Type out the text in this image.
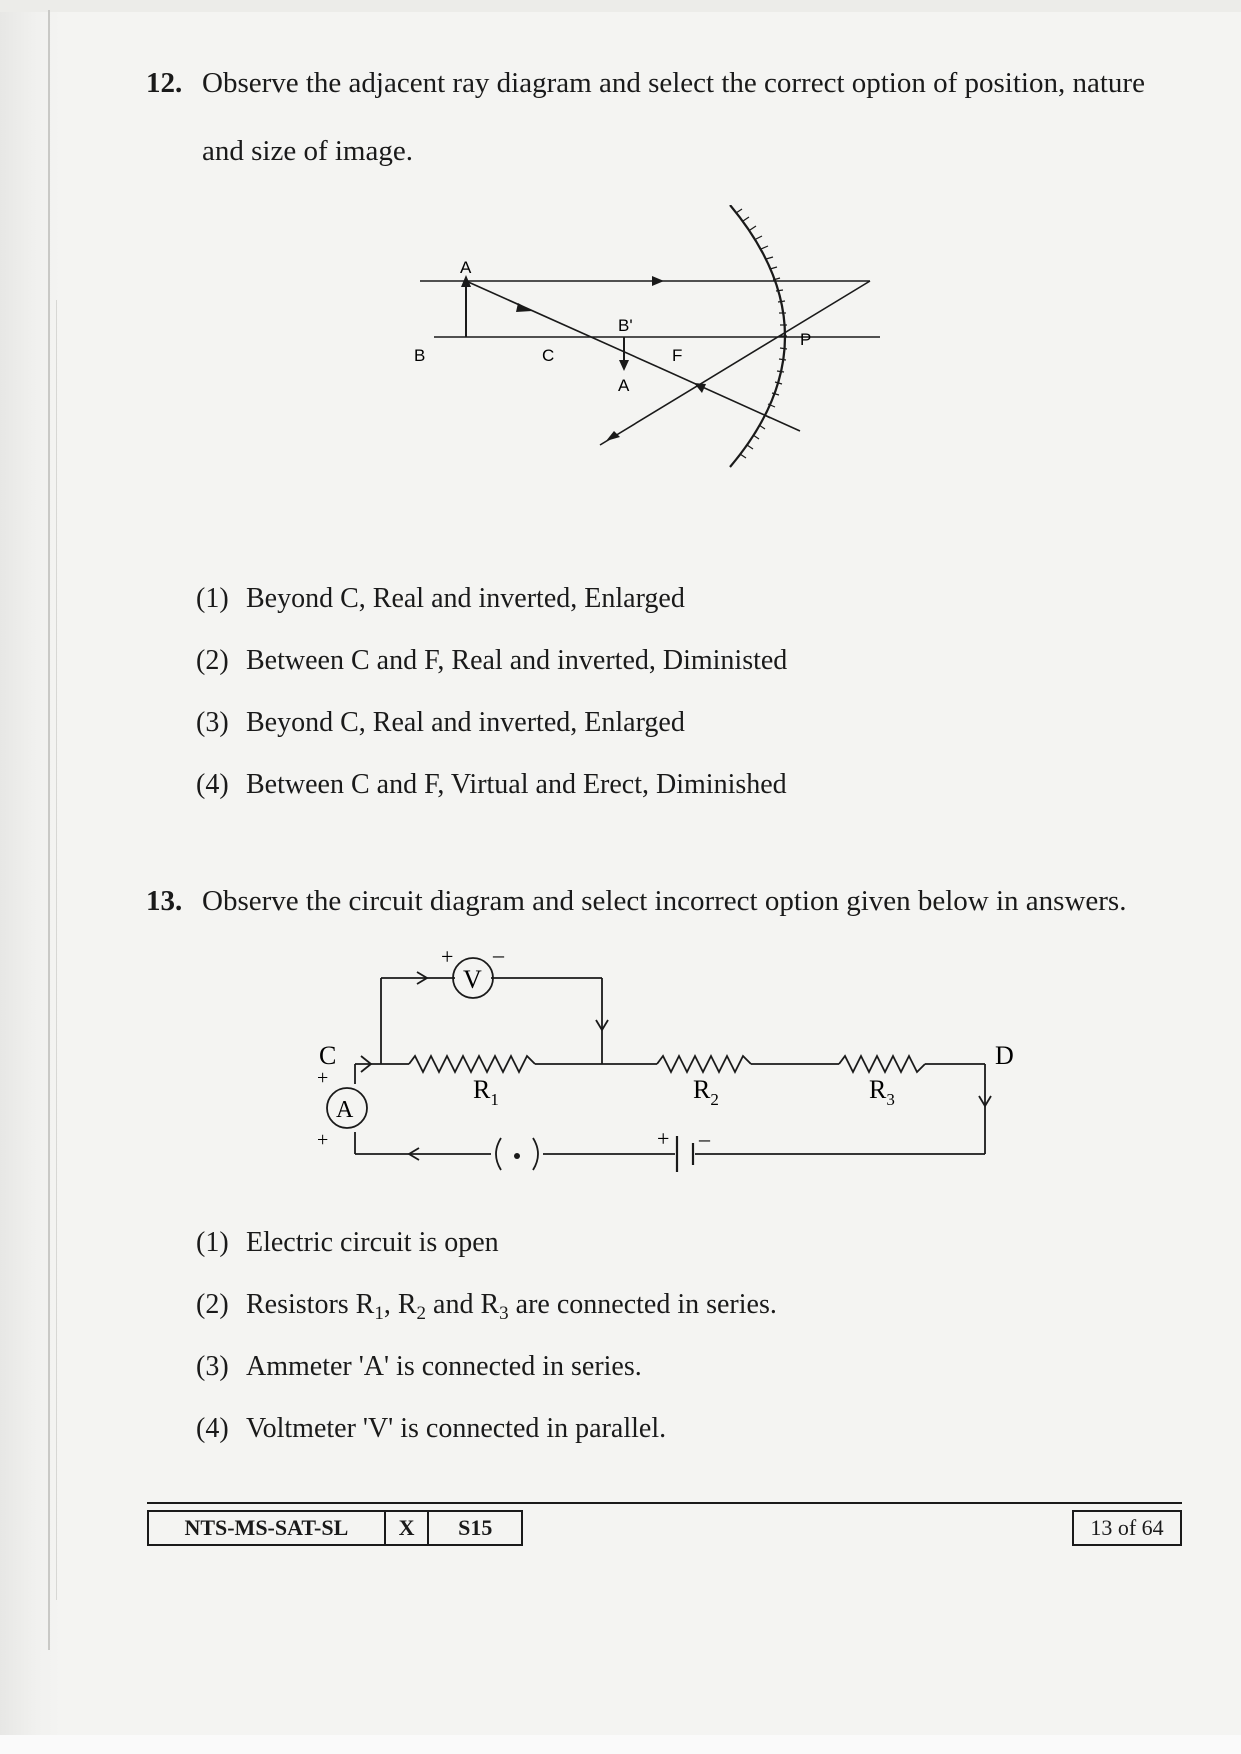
12. Observe the adjacent ray diagram and select the correct option of position, nature
and size of image.
A
B	C	F
B'
A
P
(1) Beyond C, Real and inverted, Enlarged
(2) Between C and F, Real and inverted, Diministed
(3) Beyond C, Real and inverted, Enlarged
(4) Between C and F, Virtual and Erect, Diminished
13. Observe the circuit diagram and select incorrect option given below in answers.
V
+ –
A
+
+
C	D
$R_1$	$R_2$	$R_3$
+ –
(1) Electric circuit is open
(2) Resistors $R_1$, $R_2$ and $R_3$ are connected in series.
(3) Ammeter 'A' is connected in series.
(4) Voltmeter 'V' is connected in parallel.
NTS-MS-SAT-SL	X	S15	13 of 64
